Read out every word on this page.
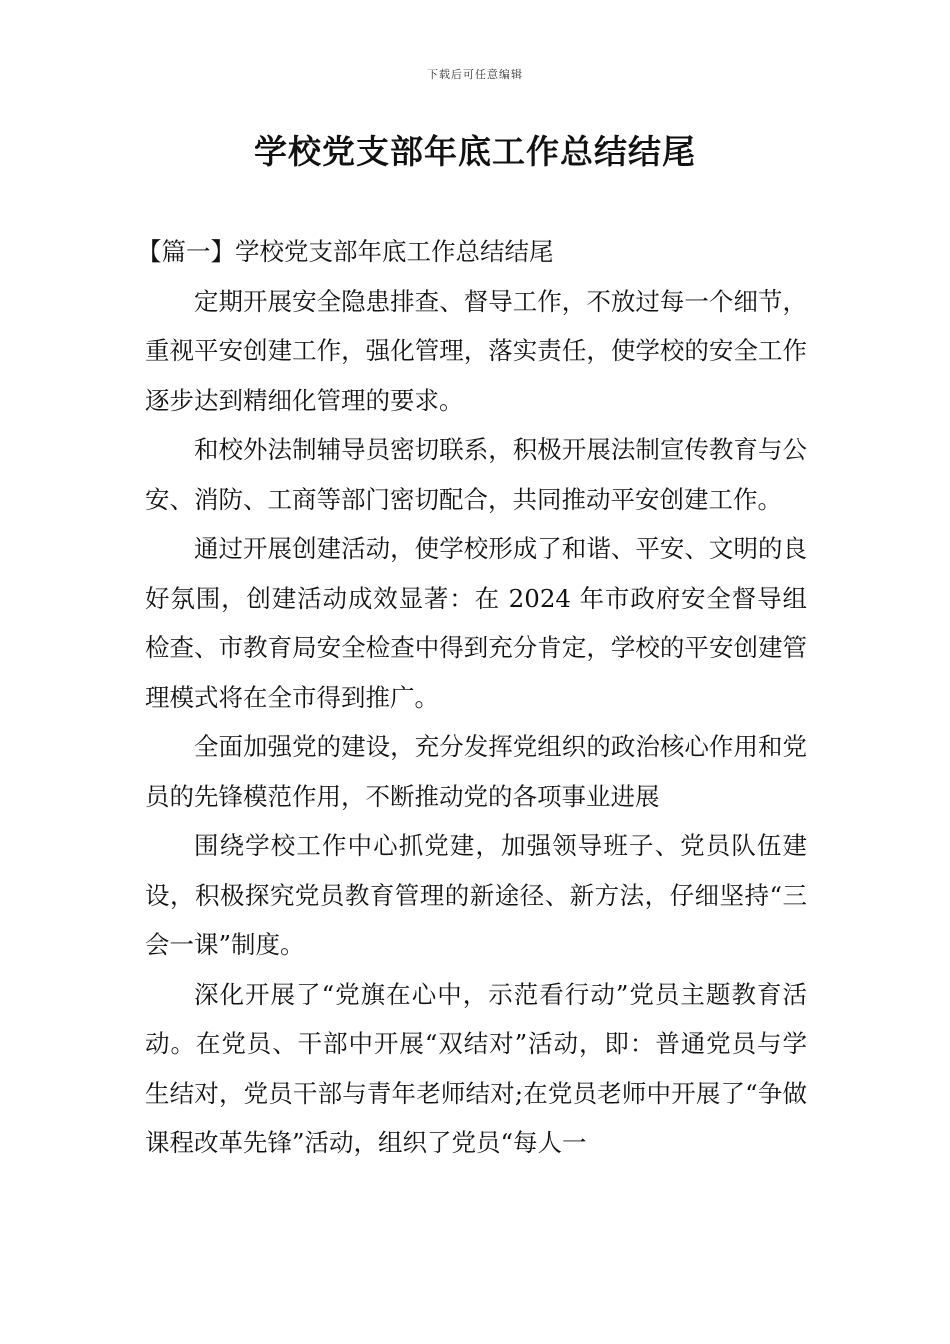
下载后可任意编辑
学校党支部年底工作总结结尾

【篇一】学校党支部年底工作总结结尾

定期开展安全隐患排查、督导工作，不放过每一个细节，重视平安创建工作，强化管理，落实责任，使学校的安全工作逐步达到精细化管理的要求。

和校外法制辅导员密切联系，积极开展法制宣传教育与公安、消防、工商等部门密切配合，共同推动平安创建工作。

通过开展创建活动，使学校形成了和谐、平安、文明的良好氛围，创建活动成效显著：在 2024 年市政府安全督导组检查、市教育局安全检查中得到充分肯定，学校的平安创建管理模式将在全市得到推广。

全面加强党的建设，充分发挥党组织的政治核心作用和党员的先锋模范作用，不断推动党的各项事业进展

围绕学校工作中心抓党建，加强领导班子、党员队伍建设，积极探究党员教育管理的新途径、新方法，仔细坚持“三会一课”制度。

深化开展了“党旗在心中，示范看行动”党员主题教育活动。在党员、干部中开展“双结对”活动，即：普通党员与学生结对，党员干部与青年老师结对;在党员老师中开展了“争做课程改革先锋”活动，组织了党员“每人一
